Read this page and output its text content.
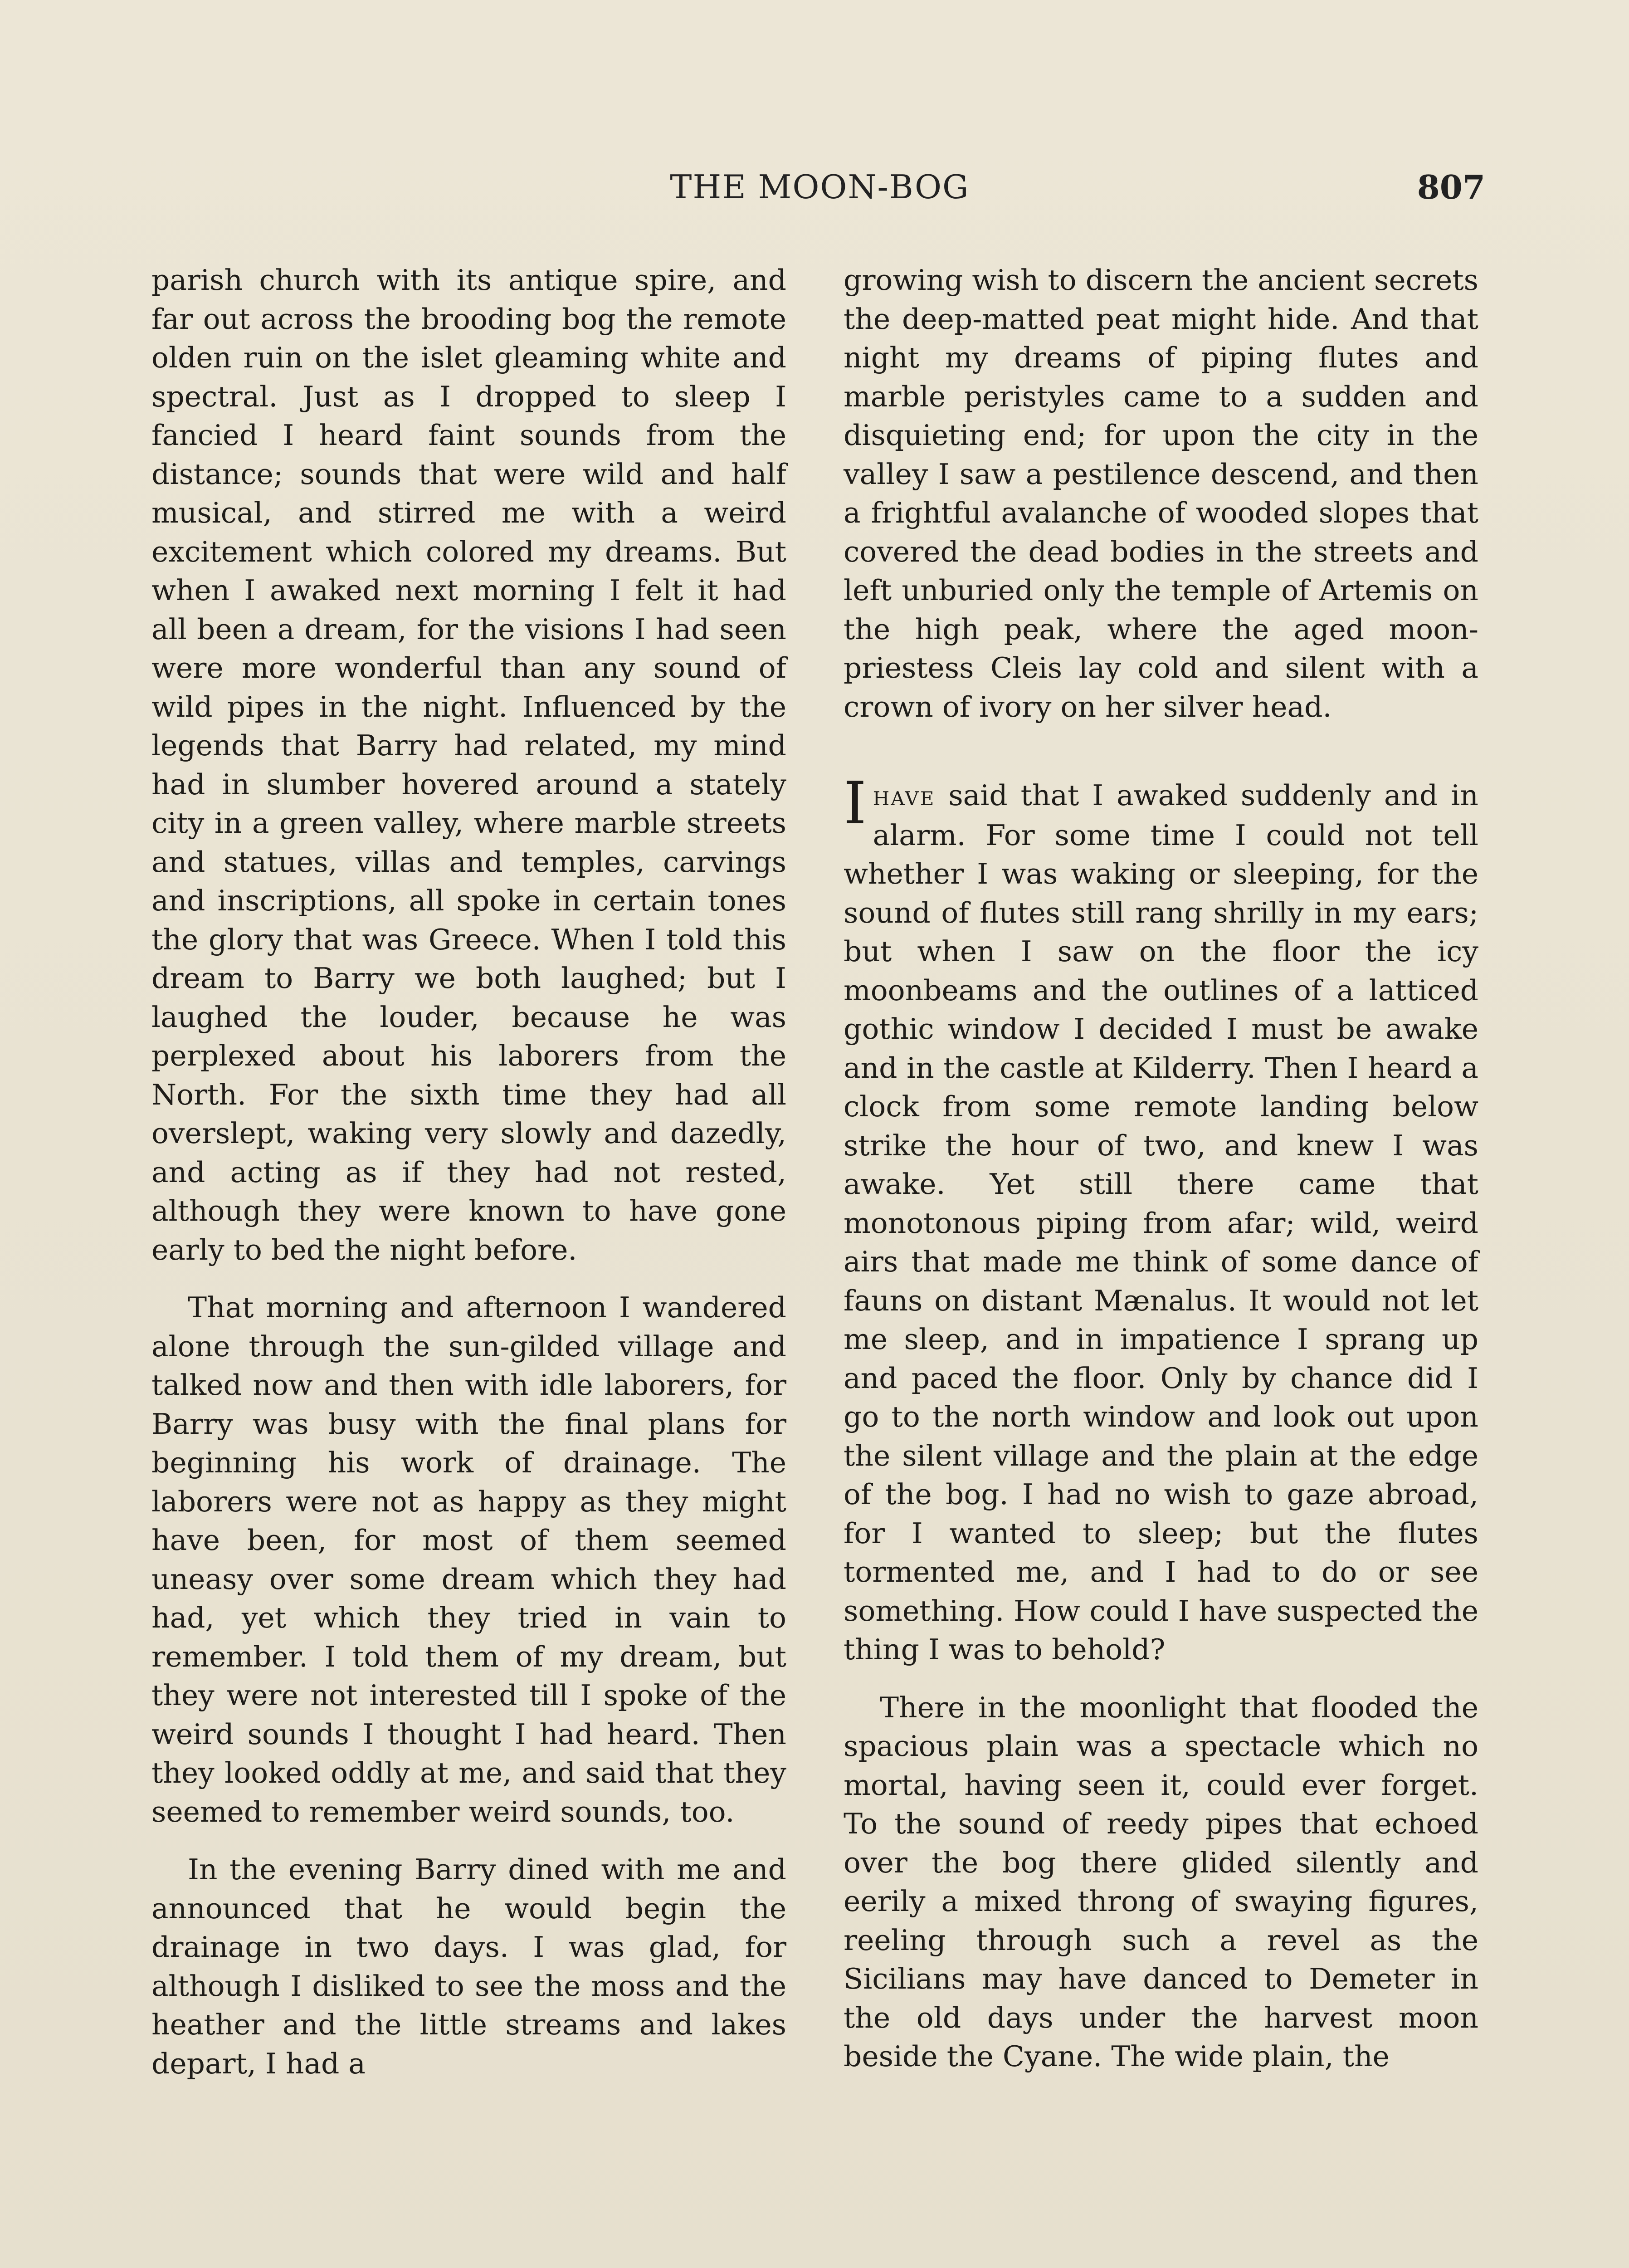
THE MOON-BOG	807

parish church with its antique spire, and far out across the brooding bog the remote olden ruin on the islet gleaming white and spectral. Just as I dropped to sleep I fancied I heard faint sounds from the distance; sounds that were wild and half musical, and stirred me with a weird excitement which colored my dreams. But when I awaked next morning I felt it had all been a dream, for the visions I had seen were more wonderful than any sound of wild pipes in the night. Influenced by the legends that Barry had related, my mind had in slumber hovered around a stately city in a green valley, where marble streets and statues, villas and temples, carvings and inscriptions, all spoke in certain tones the glory that was Greece. When I told this dream to Barry we both laughed; but I laughed the louder, because he was perplexed about his laborers from the North. For the sixth time they had all overslept, waking very slowly and dazedly, and acting as if they had not rested, although they were known to have gone early to bed the night before.

That morning and afternoon I wandered alone through the sun-gilded village and talked now and then with idle laborers, for Barry was busy with the final plans for beginning his work of drainage. The laborers were not as happy as they might have been, for most of them seemed uneasy over some dream which they had had, yet which they tried in vain to remember. I told them of my dream, but they were not interested till I spoke of the weird sounds I thought I had heard. Then they looked oddly at me, and said that they seemed to remember weird sounds, too.

In the evening Barry dined with me and announced that he would begin the drainage in two days. I was glad, for although I disliked to see the moss and the heather and the little streams and lakes depart, I had a

growing wish to discern the ancient secrets the deep-matted peat might hide. And that night my dreams of piping flutes and marble peristyles came to a sudden and disquieting end; for upon the city in the valley I saw a pestilence descend, and then a frightful avalanche of wooded slopes that covered the dead bodies in the streets and left unburied only the temple of Artemis on the high peak, where the aged moon-priestess Cleis lay cold and silent with a crown of ivory on her silver head.

Ihave said that I awaked suddenly and in alarm. For some time I could not tell whether I was waking or sleeping, for the sound of flutes still rang shrilly in my ears; but when I saw on the floor the icy moonbeams and the outlines of a latticed gothic window I decided I must be awake and in the castle at Kilderry. Then I heard a clock from some remote landing below strike the hour of two, and knew I was awake. Yet still there came that monotonous piping from afar; wild, weird airs that made me think of some dance of fauns on distant Mænalus. It would not let me sleep, and in impatience I sprang up and paced the floor. Only by chance did I go to the north window and look out upon the silent village and the plain at the edge of the bog. I had no wish to gaze abroad, for I wanted to sleep; but the flutes tormented me, and I had to do or see something. How could I have suspected the thing I was to behold?

There in the moonlight that flooded the spacious plain was a spectacle which no mortal, having seen it, could ever forget. To the sound of reedy pipes that echoed over the bog there glided silently and eerily a mixed throng of swaying figures, reeling through such a revel as the Sicilians may have danced to Demeter in the old days under the harvest moon beside the Cyane. The wide plain, the
